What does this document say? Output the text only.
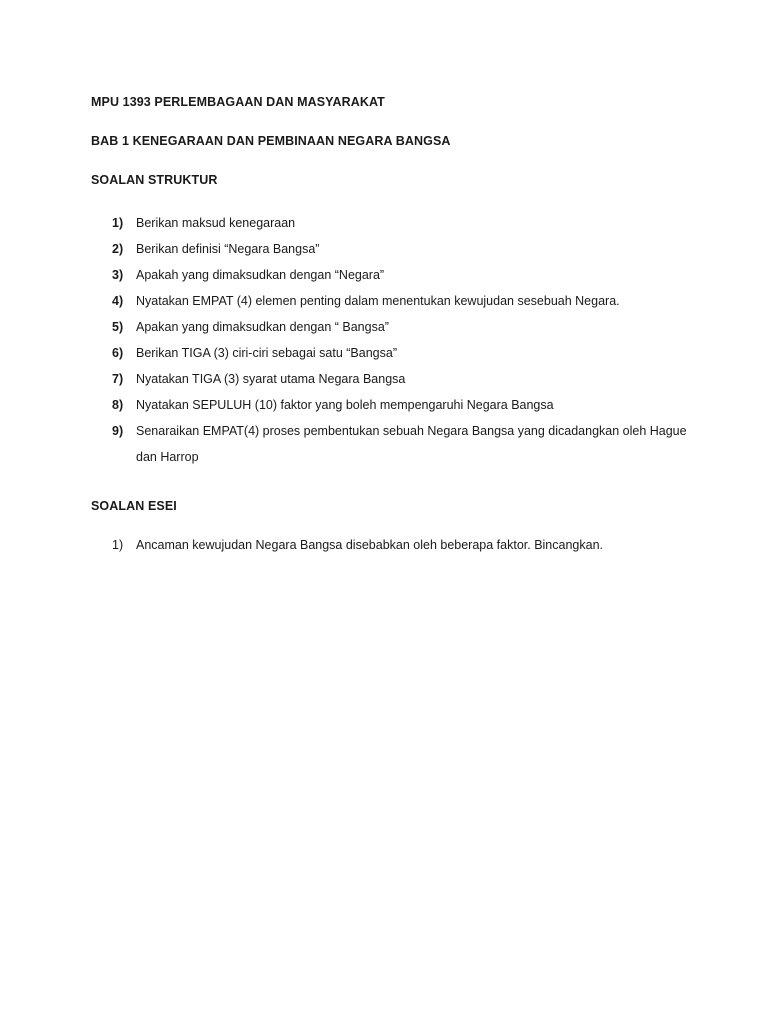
MPU 1393 PERLEMBAGAAN DAN MASYARAKAT
BAB 1 KENEGARAAN DAN PEMBINAAN NEGARA BANGSA
SOALAN STRUKTUR
1)	Berikan maksud kenegaraan
2)	Berikan definisi “Negara Bangsa”
3)	Apakah yang dimaksudkan dengan “Negara”
4)	Nyatakan EMPAT (4) elemen penting dalam menentukan kewujudan sesebuah Negara.
5)	Apakan yang dimaksudkan dengan “ Bangsa”
6)	Berikan TIGA (3) ciri-ciri sebagai satu “Bangsa”
7)	Nyatakan TIGA (3) syarat utama Negara Bangsa
8)	Nyatakan SEPULUH (10) faktor yang boleh mempengaruhi Negara Bangsa
9)	Senaraikan EMPAT(4) proses pembentukan sebuah Negara Bangsa yang dicadangkan oleh Hague dan Harrop
SOALAN ESEI
1)	Ancaman kewujudan Negara Bangsa disebabkan oleh beberapa faktor. Bincangkan.
